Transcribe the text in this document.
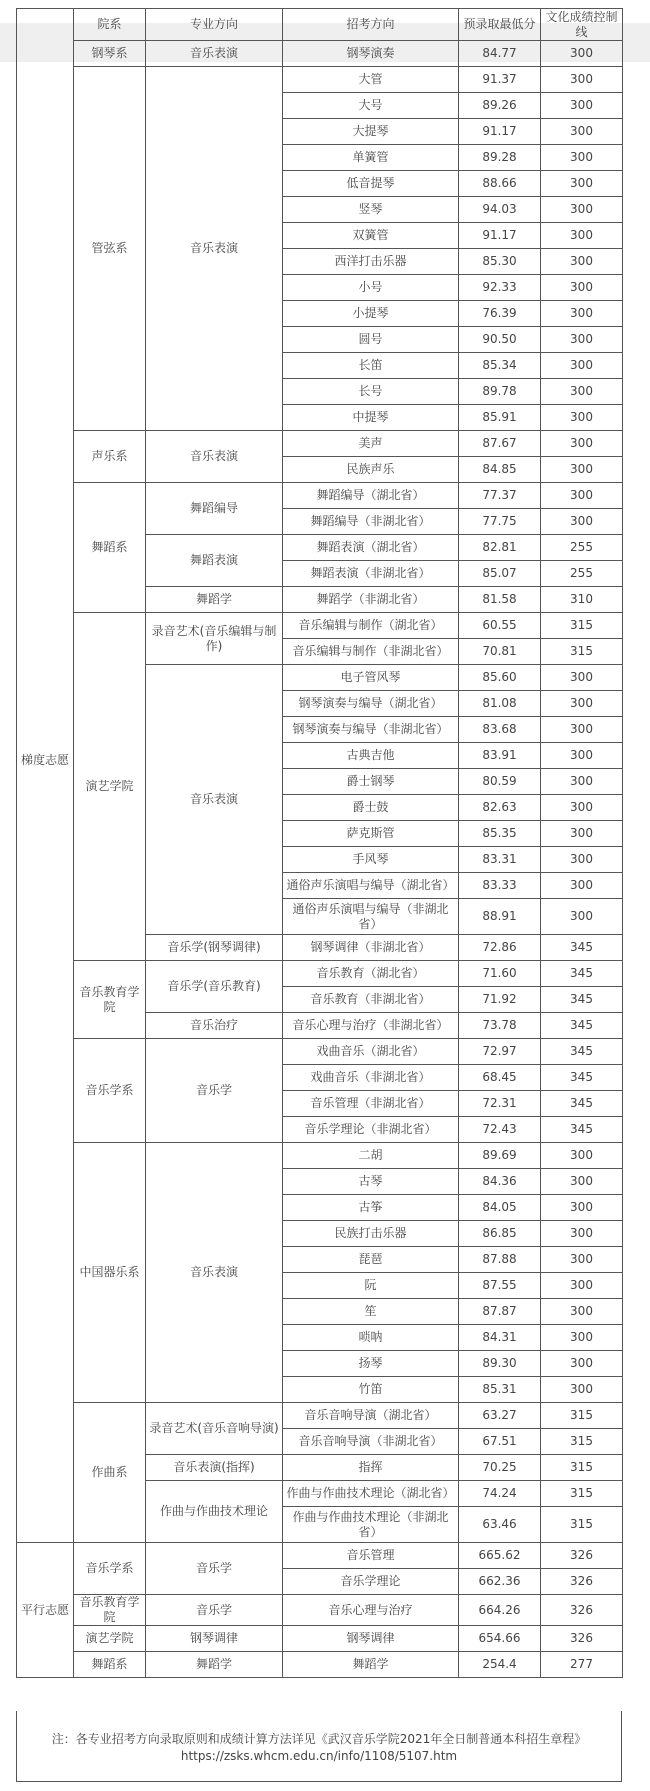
梯度志愿	院系	专业方向	招考方向	预录取最低分	文化成绩控制线
	钢琴系	音乐表演	钢琴演奏	84.77	300
	管弦系	音乐表演	大管	91.37	300
			大号	89.26	300
			大提琴	91.17	300
			单簧管	89.28	300
			低音提琴	88.66	300
			竖琴	94.03	300
			双簧管	91.17	300
			西洋打击乐器	85.30	300
			小号	92.33	300
			小提琴	76.39	300
			圆号	90.50	300
			长笛	85.34	300
			长号	89.78	300
			中提琴	85.91	300
	声乐系	音乐表演	美声	87.67	300
			民族声乐	84.85	300
	舞蹈系	舞蹈编导	舞蹈编导（湖北省）	77.37	300
			舞蹈编导（非湖北省）	77.75	300
		舞蹈表演	舞蹈表演（湖北省）	82.81	255
			舞蹈表演（非湖北省）	85.07	255
		舞蹈学	舞蹈学（非湖北省）	81.58	310
	演艺学院	录音艺术(音乐编辑与制作)	音乐编辑与制作（湖北省）	60.55	315
			音乐编辑与制作（非湖北省）	70.81	315
		音乐表演	电子管风琴	85.60	300
			钢琴演奏与编导（湖北省）	81.08	300
			钢琴演奏与编导（非湖北省）	83.68	300
			古典吉他	83.91	300
			爵士钢琴	80.59	300
			爵士鼓	82.63	300
			萨克斯管	85.35	300
			手风琴	83.31	300
			通俗声乐演唱与编导（湖北省）	83.33	300
			通俗声乐演唱与编导（非湖北省）	88.91	300
		音乐学(钢琴调律)	钢琴调律（非湖北省）	72.86	345
	音乐教育学院	音乐学(音乐教育)	音乐教育（湖北省）	71.60	345
			音乐教育（非湖北省）	71.92	345
		音乐治疗	音乐心理与治疗（非湖北省）	73.78	345
	音乐学系	音乐学	戏曲音乐（湖北省）	72.97	345
			戏曲音乐（非湖北省）	68.45	345
			音乐管理（非湖北省）	72.31	345
			音乐学理论（非湖北省）	72.43	345
	中国器乐系	音乐表演	二胡	89.69	300
			古琴	84.36	300
			古筝	84.05	300
			民族打击乐器	86.85	300
			琵琶	87.88	300
			阮	87.55	300
			笙	87.87	300
			唢呐	84.31	300
			扬琴	89.30	300
			竹笛	85.31	300
	作曲系	录音艺术(音乐音响导演)	音乐音响导演（湖北省）	63.27	315
			音乐音响导演（非湖北省）	67.51	315
		音乐表演(指挥)	指挥	70.25	315
		作曲与作曲技术理论	作曲与作曲技术理论（湖北省）	74.24	315
			作曲与作曲技术理论（非湖北省）	63.46	315
平行志愿	音乐学系	音乐学	音乐管理	665.62	326
			音乐学理论	662.36	326
	音乐教育学院	音乐学	音乐心理与治疗	664.26	326
	演艺学院	钢琴调律	钢琴调律	654.66	326
	舞蹈系	舞蹈学	舞蹈学	254.4	277
注：各专业招考方向录取原则和成绩计算方法详见《武汉音乐学院2021年全日制普通本科招生章程》
https://zsks.whcm.edu.cn/info/1108/5107.htm
